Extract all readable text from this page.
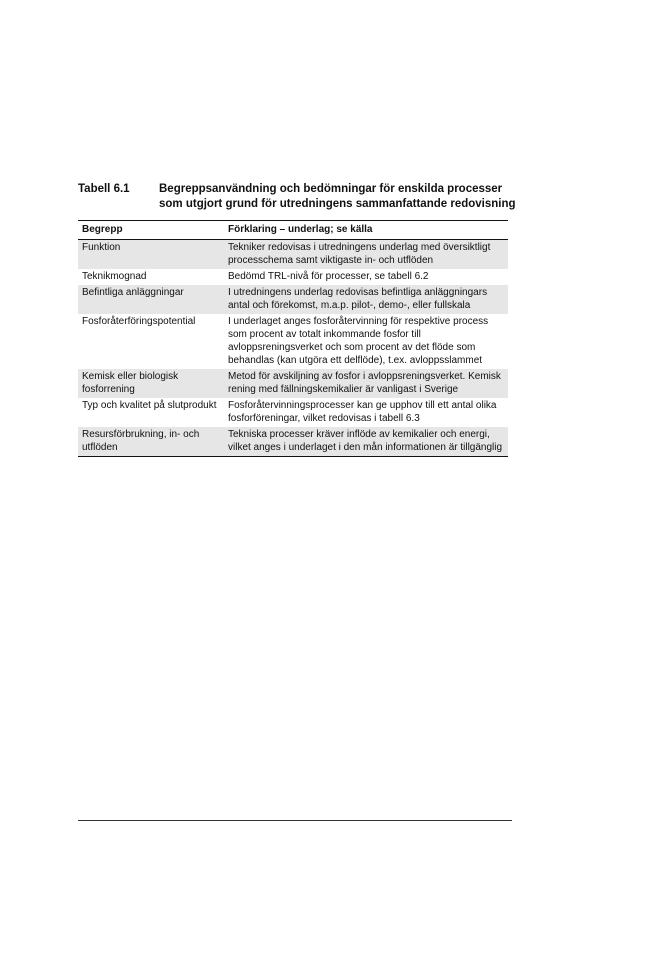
Tabell 6.1	Begreppsanvändning och bedömningar för enskilda processer som utgjort grund för utredningens sammanfattande redovisning
Begrepp	Förklaring – underlag; se källa
Funktion	Tekniker redovisas i utredningens underlag med översiktligt processchema samt viktigaste in- och utflöden
Teknikmognad	Bedömd TRL-nivå för processer, se tabell 6.2
Befintliga anläggningar	I utredningens underlag redovisas befintliga anläggningars antal och förekomst, m.a.p. pilot-, demo-, eller fullskala
Fosforåterföringspotential	I underlaget anges fosforåtervinning för respektive process som procent av totalt inkommande fosfor till avloppsreningsverket och som procent av det flöde som behandlas (kan utgöra ett delflöde), t.ex. avloppsslammet
Kemisk eller biologisk fosforrening	Metod för avskiljning av fosfor i avloppsreningsverket. Kemisk rening med fällningskemikalier är vanligast i Sverige
Typ och kvalitet på slutprodukt	Fosforåtervinningsprocesser kan ge upphov till ett antal olika fosforföreningar, vilket redovisas i tabell 6.3
Resursförbrukning, in- och utflöden	Tekniska processer kräver inflöde av kemikalier och energi, vilket anges i underlaget i den mån informationen är tillgänglig
